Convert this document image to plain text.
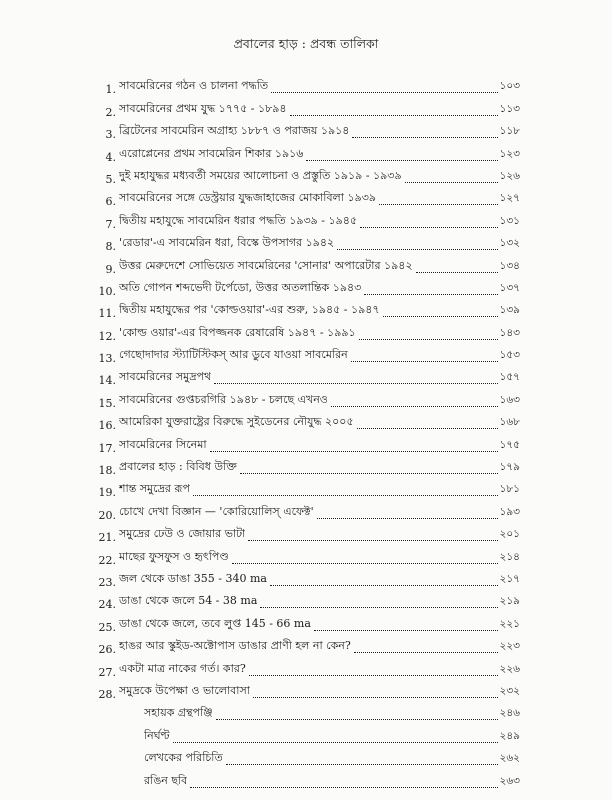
প্রবালের হাড় : প্রবন্ধ তালিকা
1. সাবমেরিনের গঠন ও চালনা পদ্ধতি	১০৩
2. সাবমেরিনের প্রথম যুদ্ধ ১৭৭৫ - ১৮৯৪	১১৩
3. ব্রিটেনের সাবমেরিন অগ্রাহ্য ১৮৮৭ ও পরাজয় ১৯১৪	১১৮
4. এরোপ্লেনের প্রথম সাবমেরিন শিকার ১৯১৬	১২৩
5. দুই মহাযুদ্ধর মধ্যবর্তী সময়ের আলোচনা ও প্রস্তুতি ১৯১৯ - ১৯৩৯	১২৬
6. সাবমেরিনের সঙ্গে ডেস্ট্রয়ার যুদ্ধজাহাজের মোকাবিলা ১৯৩৯	১২৭
7. দ্বিতীয় মহাযুদ্ধে সাবমেরিন ধরার পদ্ধতি ১৯৩৯ - ১৯৪৫	১৩১
8. 'রেডার'-এ সাবমেরিন ধরা, বিস্কে উপসাগর ১৯৪২	১৩২
9. উত্তর মেরুদেশে সোভিয়েত সাবমেরিনের 'সোনার' অপারেটার ১৯৪২	১৩৪
10. অতি গোপন শব্দভেদী টর্পেডো, উত্তর অতলান্তিক ১৯৪৩	১৩৭
11. দ্বিতীয় মহাযুদ্ধের পর 'কোল্ডওয়ার'-এর শুরু, ১৯৪৫ - ১৯৪৭	১৩৯
12. 'কোল্ড ওয়ার'-এর বিপজ্জনক রেষারেষি ১৯৪৭ - ১৯৯১	১৪৩
13. গেছোদাদার স্ট্যাটিস্টিকস্ আর ডুবে যাওয়া সাবমেরিন	১৫৩
14. সাবমেরিনের সমুদ্রপথ	১৫৭
15. সাবমেরিনের গুপ্তচরগিরি ১৯৪৮ - চলছে এখনও	১৬৩
16. আমেরিকা যুক্তরাষ্ট্রের বিরুদ্ধে সুইডেনের নৌযুদ্ধ ২০০৫	১৬৮
17. সাবমেরিনের সিনেমা	১৭৫
18. প্রবালের হাড় : বিবিধ উক্তি	১৭৯
19. শান্ত সমুদ্রের রূপ	১৮১
20. চোখে দেখা বিজ্ঞান — 'কোরিয়োলিস্ এফেক্ট'	১৯৩
21. সমুদ্রের ঢেউ ও জোয়ার ভাটা	২০১
22. মাছের ফুসফুস ও হৃৎপিণ্ড	২১৪
23. জল থেকে ডাঙা 355 - 340 ma	২১৭
24. ডাঙা থেকে জলে 54 - 38 ma	২১৯
25. ডাঙা থেকে জলে, তবে লুপ্ত 145 - 66 ma	২২১
26. হাঙর আর স্কুইড-অক্টোপাস ডাঙার প্রাণী হল না কেন?	২২৩
27. একটা মাত্র নাকের গর্ত। কার?	২২৬
28. সমুদ্রকে উপেক্ষা ও ভালোবাসা	২৩২
সহায়ক গ্রন্থপঞ্জি	২৪৬
নির্ঘণ্ট	২৪৯
লেখকের পরিচিতি	২৬২
রঙিন ছবি	২৬৩
